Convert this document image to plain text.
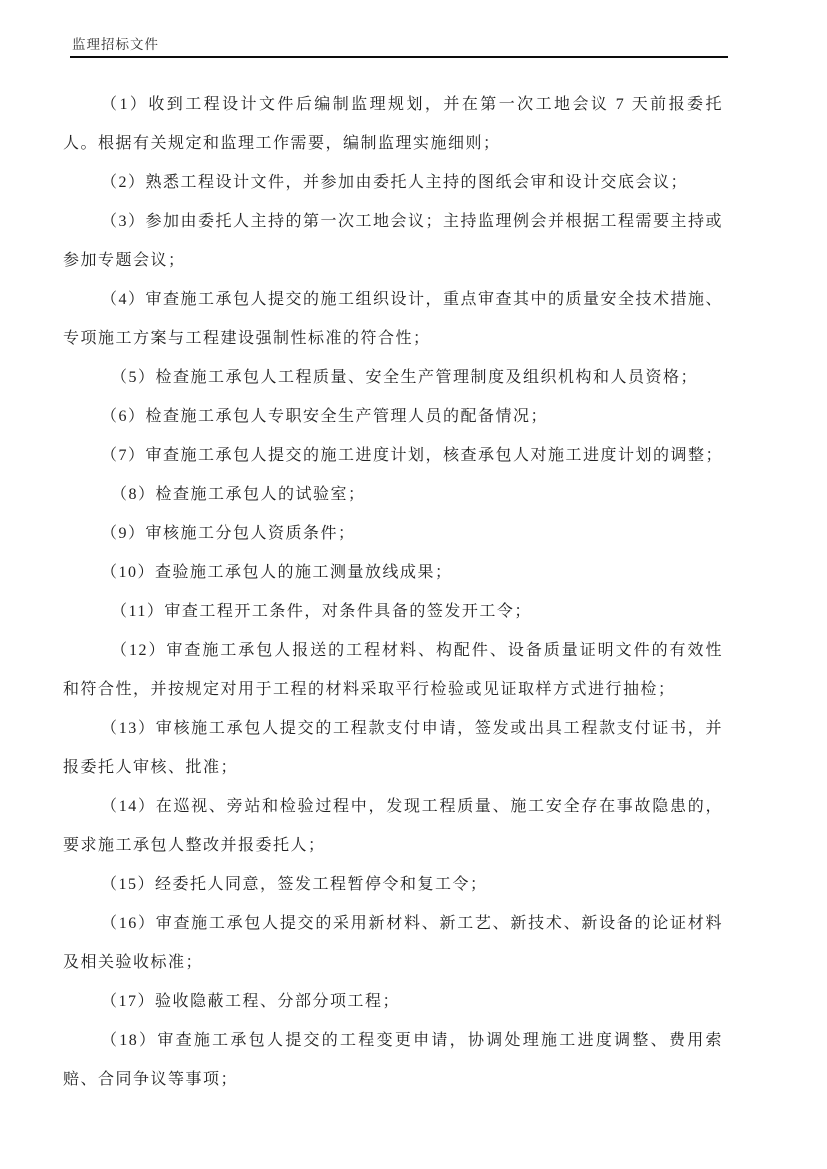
监理招标文件

（1）收到工程设计文件后编制监理规划，并在第一次工地会议 7 天前报委托人。根据有关规定和监理工作需要，编制监理实施细则；

（2）熟悉工程设计文件，并参加由委托人主持的图纸会审和设计交底会议；

（3）参加由委托人主持的第一次工地会议；主持监理例会并根据工程需要主持或参加专题会议；

（4）审查施工承包人提交的施工组织设计，重点审查其中的质量安全技术措施、专项施工方案与工程建设强制性标准的符合性；

（5）检查施工承包人工程质量、安全生产管理制度及组织机构和人员资格；

（6）检查施工承包人专职安全生产管理人员的配备情况；

（7）审查施工承包人提交的施工进度计划，核查承包人对施工进度计划的调整；

（8）检查施工承包人的试验室；

（9）审核施工分包人资质条件；

（10）查验施工承包人的施工测量放线成果；

（11）审查工程开工条件，对条件具备的签发开工令；

（12）审查施工承包人报送的工程材料、构配件、设备质量证明文件的有效性和符合性，并按规定对用于工程的材料采取平行检验或见证取样方式进行抽检；

（13）审核施工承包人提交的工程款支付申请，签发或出具工程款支付证书，并报委托人审核、批准；

（14）在巡视、旁站和检验过程中，发现工程质量、施工安全存在事故隐患的，要求施工承包人整改并报委托人；

（15）经委托人同意，签发工程暂停令和复工令；

（16）审查施工承包人提交的采用新材料、新工艺、新技术、新设备的论证材料及相关验收标准；

（17）验收隐蔽工程、分部分项工程；

（18）审查施工承包人提交的工程变更申请，协调处理施工进度调整、费用索赔、合同争议等事项；
